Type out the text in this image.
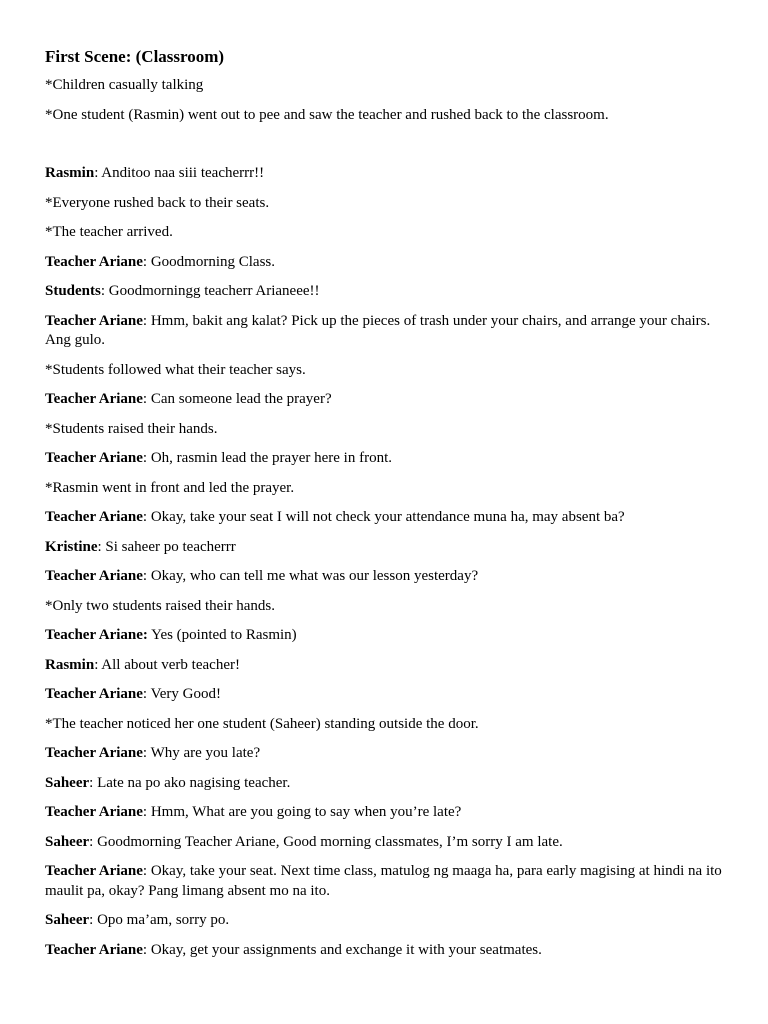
First Scene: (Classroom)
*Children casually talking
*One student (Rasmin) went out to pee and saw the teacher and rushed back to the classroom.
Rasmin: Anditoo naa siii teacherrr!!
*Everyone rushed back to their seats.
*The teacher arrived.
Teacher Ariane: Goodmorning Class.
Students: Goodmorningg teacherr Arianeee!!
Teacher Ariane: Hmm, bakit ang kalat? Pick up the pieces of trash under your chairs, and arrange your chairs. Ang gulo.
*Students followed what their teacher says.
Teacher Ariane: Can someone lead the prayer?
*Students raised their hands.
Teacher Ariane: Oh, rasmin lead the prayer here in front.
*Rasmin went in front and led the prayer.
Teacher Ariane: Okay, take your seat I will not check your attendance muna ha, may absent ba?
Kristine: Si saheer po teacherrr
Teacher Ariane: Okay, who can tell me what was our lesson yesterday?
*Only two students raised their hands.
Teacher Ariane: Yes (pointed to Rasmin)
Rasmin: All about verb teacher!
Teacher Ariane: Very Good!
*The teacher noticed her one student (Saheer) standing outside the door.
Teacher Ariane: Why are you late?
Saheer: Late na po ako nagising teacher.
Teacher Ariane: Hmm, What are you going to say when you’re late?
Saheer: Goodmorning Teacher Ariane, Good morning classmates, I’m sorry I am late.
Teacher Ariane: Okay, take your seat. Next time class, matulog ng maaga ha, para early magising at hindi na ito maulit pa, okay? Pang limang absent mo na ito.
Saheer: Opo ma’am, sorry po.
Teacher Ariane: Okay, get your assignments and exchange it with your seatmates.
